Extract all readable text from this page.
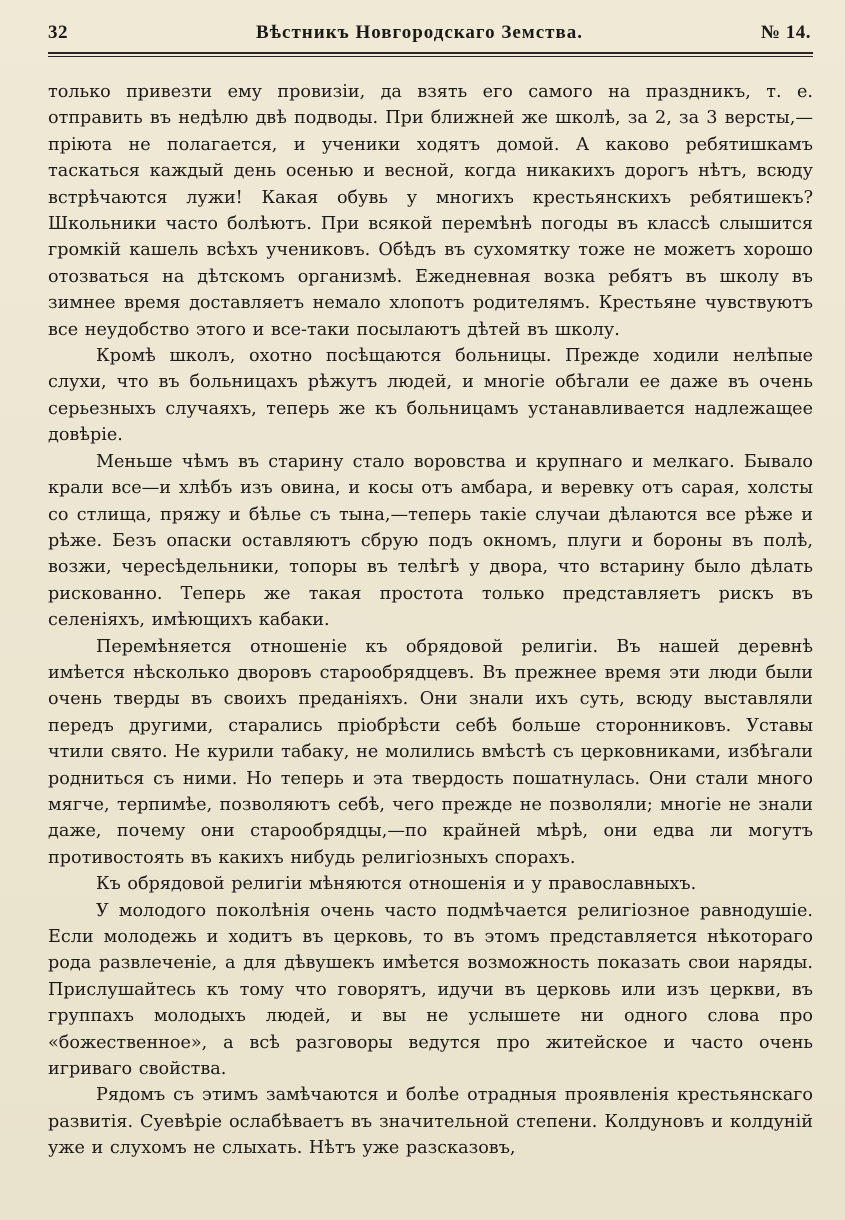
32	Вѣстникъ Новгородскаго Земства.	№ 14.

только привезти ему провизіи, да взять его самого на праздникъ, т. е. отправить въ недѣлю двѣ подводы. При ближней же школѣ, за 2, за 3 версты,—пріюта не полагается, и ученики ходятъ домой. А каково ребятишкамъ таскаться каждый день осенью и весной, когда никакихъ дорогъ нѣтъ, всюду встрѣчаются лужи! Какая обувь у многихъ крестьянскихъ ребятишекъ? Школьники часто болѣютъ. При всякой перемѣнѣ погоды въ классѣ слышится громкій кашель всѣхъ учениковъ. Обѣдъ въ сухомятку тоже не можетъ хорошо отозваться на дѣтскомъ организмѣ. Ежедневная возка ребятъ въ школу въ зимнее время доставляетъ немало хлопотъ родителямъ. Крестьяне чувствуютъ все неудобство этого и все-таки посылаютъ дѣтей въ школу.

Кромѣ школъ, охотно посѣщаются больницы. Прежде ходили нелѣпые слухи, что въ больницахъ рѣжутъ людей, и многіе обѣгали ее даже въ очень серьезныхъ случаяхъ, теперь же къ больницамъ устанавливается надлежащее довѣріе.

Меньше чѣмъ въ старину стало воровства и крупнаго и мелкаго. Бывало крали все—и хлѣбъ изъ овина, и косы отъ амбара, и веревку отъ сарая, холсты со стлища, пряжу и бѣлье съ тына,—теперь такіе случаи дѣлаются все рѣже и рѣже. Безъ опаски оставляютъ сбрую подъ окномъ, плуги и бороны въ полѣ, возжи, чересѣдельники, топоры въ телѣгѣ у двора, что встарину было дѣлать рискованно. Теперь же такая простота только представляетъ рискъ въ селеніяхъ, имѣющихъ кабаки.

Перемѣняется отношеніе къ обрядовой религіи. Въ нашей деревнѣ имѣется нѣсколько дворовъ старообрядцевъ. Въ прежнее время эти люди были очень тверды въ своихъ преданіяхъ. Они знали ихъ суть, всюду выставляли передъ другими, старались пріобрѣсти себѣ больше сторонниковъ. Уставы чтили свято. Не курили табаку, не молились вмѣстѣ съ церковниками, избѣгали родниться съ ними. Но теперь и эта твердость пошатнулась. Они стали много мягче, терпимѣе, позволяютъ себѣ, чего прежде не позволяли; многіе не знали даже, почему они старообрядцы,—по крайней мѣрѣ, они едва ли могутъ противостоять въ какихъ нибудь религіозныхъ спорахъ.

Къ обрядовой религіи мѣняются отношенія и у православныхъ.

У молодого поколѣнія очень часто подмѣчается религіозное равнодушіе. Если молодежь и ходитъ въ церковь, то въ этомъ представляется нѣкотораго рода развлеченіе, а для дѣвушекъ имѣется возможность показать свои наряды. Прислушайтесь къ тому что говорятъ, идучи въ церковь или изъ церкви, въ группахъ молодыхъ людей, и вы не услышете ни одного слова про «божественное», а всѣ разговоры ведутся про житейское и часто очень игриваго свойства.

Рядомъ съ этимъ замѣчаются и болѣе отрадныя проявленія крестьянскаго развитія. Суевѣріе ослабѣваетъ въ значительной степени. Колдуновъ и колдуній уже и слухомъ не слыхать. Нѣтъ уже разсказовъ,
